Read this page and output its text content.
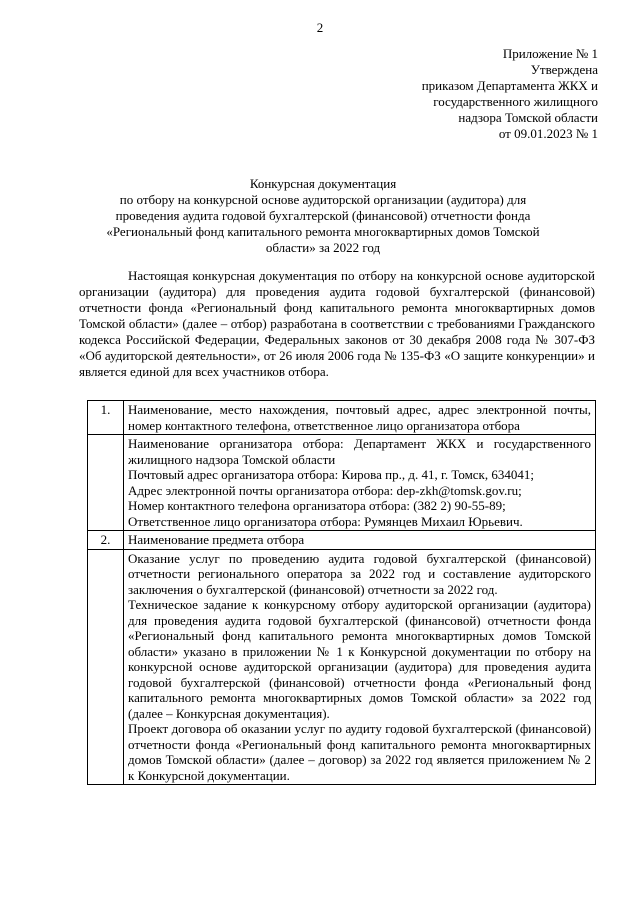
2
Приложение № 1
Утверждена
приказом Департамента ЖКХ и
государственного жилищного
надзора Томской области
от 09.01.2023 № 1
Конкурсная документация
по отбору на конкурсной основе аудиторской организации (аудитора) для
проведения аудита годовой бухгалтерской (финансовой) отчетности фонда
«Региональный фонд капитального ремонта многоквартирных домов Томской
области» за 2022 год

Настоящая конкурсная документация по отбору на конкурсной основе аудиторской организации (аудитора) для проведения аудита годовой бухгалтерской (финансовой) отчетности фонда «Региональный фонд капитального ремонта многоквартирных домов Томской области» (далее – отбор) разработана в соответствии с требованиями Гражданского кодекса Российской Федерации, Федеральных законов от 30 декабря 2008 года № 307-ФЗ «Об аудиторской деятельности», от 26 июля 2006 года № 135-ФЗ «О защите конкуренции» и является единой для всех участников отбора.

1.	Наименование, место нахождения, почтовый адрес, адрес электронной почты, номер контактного телефона, ответственное лицо организатора отбора

	Наименование организатора отбора: Департамент ЖКХ и государственного жилищного надзора Томской области

Почтовый адрес организатора отбора: Кирова пр., д. 41, г. Томск, 634041;

Адрес электронной почты организатора отбора: dep-zkh@tomsk.gov.ru;

Номер контактного телефона организатора отбора: (382 2) 90-55-89;

Ответственное лицо организатора отбора: Румянцев Михаил Юрьевич.

2.	Наименование предмета отбора

	Оказание услуг по проведению аудита годовой бухгалтерской (финансовой) отчетности регионального оператора за 2022 год и составление аудиторского заключения о бухгалтерской (финансовой) отчетности за 2022 год.

Техническое задание к конкурсному отбору аудиторской организации (аудитора) для проведения аудита годовой бухгалтерской (финансовой) отчетности фонда «Региональный фонд капитального ремонта многоквартирных домов Томской области» указано в приложении № 1 к Конкурсной документации по отбору на конкурсной основе аудиторской организации (аудитора) для проведения аудита годовой бухгалтерской (финансовой) отчетности фонда «Региональный фонд капитального ремонта многоквартирных домов Томской области» за 2022 год (далее – Конкурсная документация).

Проект договора об оказании услуг по аудиту годовой бухгалтерской (финансовой) отчетности фонда «Региональный фонд капитального ремонта многоквартирных домов Томской области» (далее – договор) за 2022 год является приложением № 2 к Конкурсной документации.
